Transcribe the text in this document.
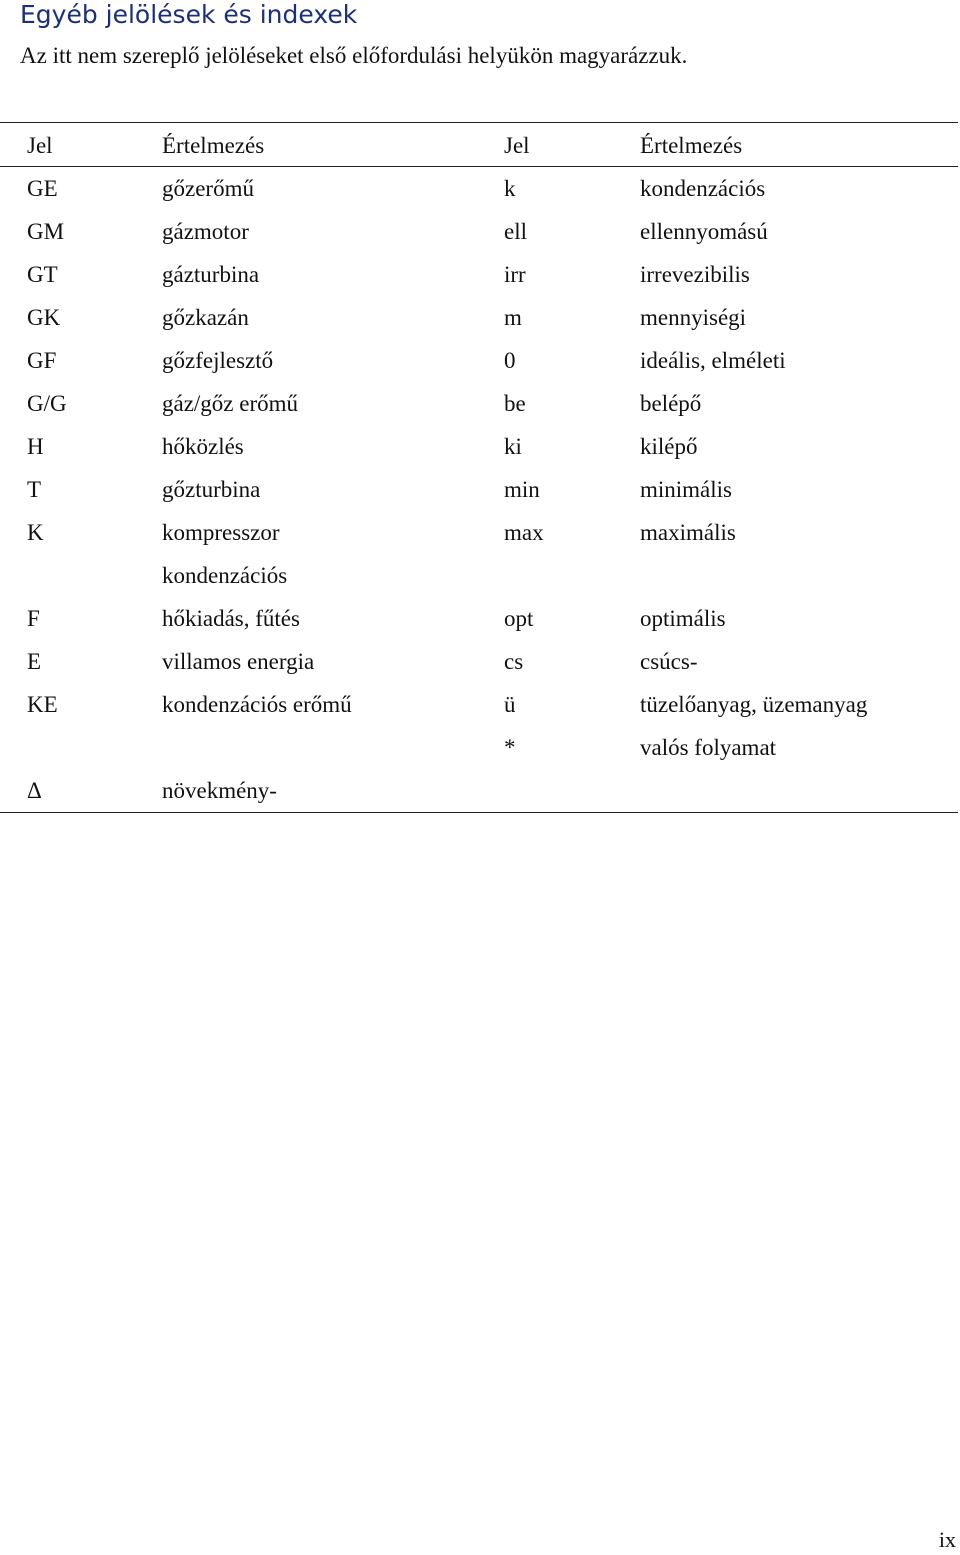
Egyéb jelölések és indexek
Az itt nem szereplő jelöléseket első előfordulási helyükön magyarázzuk.
Jel	Értelmezés	Jel	Értelmezés
GE	gőzerőmű	k	kondenzációs
GM	gázmotor	ell	ellennyomású
GT	gázturbina	irr	irrevezibilis
GK	gőzkazán	m	mennyiségi
GF	gőzfejlesztő	0	ideális, elméleti
G/G	gáz/gőz erőmű	be	belépő
H	hőközlés	ki	kilépő
T	gőzturbina	min	minimális
K	kompresszor	max	maximális
	kondenzációs		
F	hőkiadás, fűtés	opt	optimális
E	villamos energia	cs	csúcs-
KE	kondenzációs erőmű	ü	tüzelőanyag, üzemanyag
		*	valós folyamat
Δ	növekmény-		
ix
